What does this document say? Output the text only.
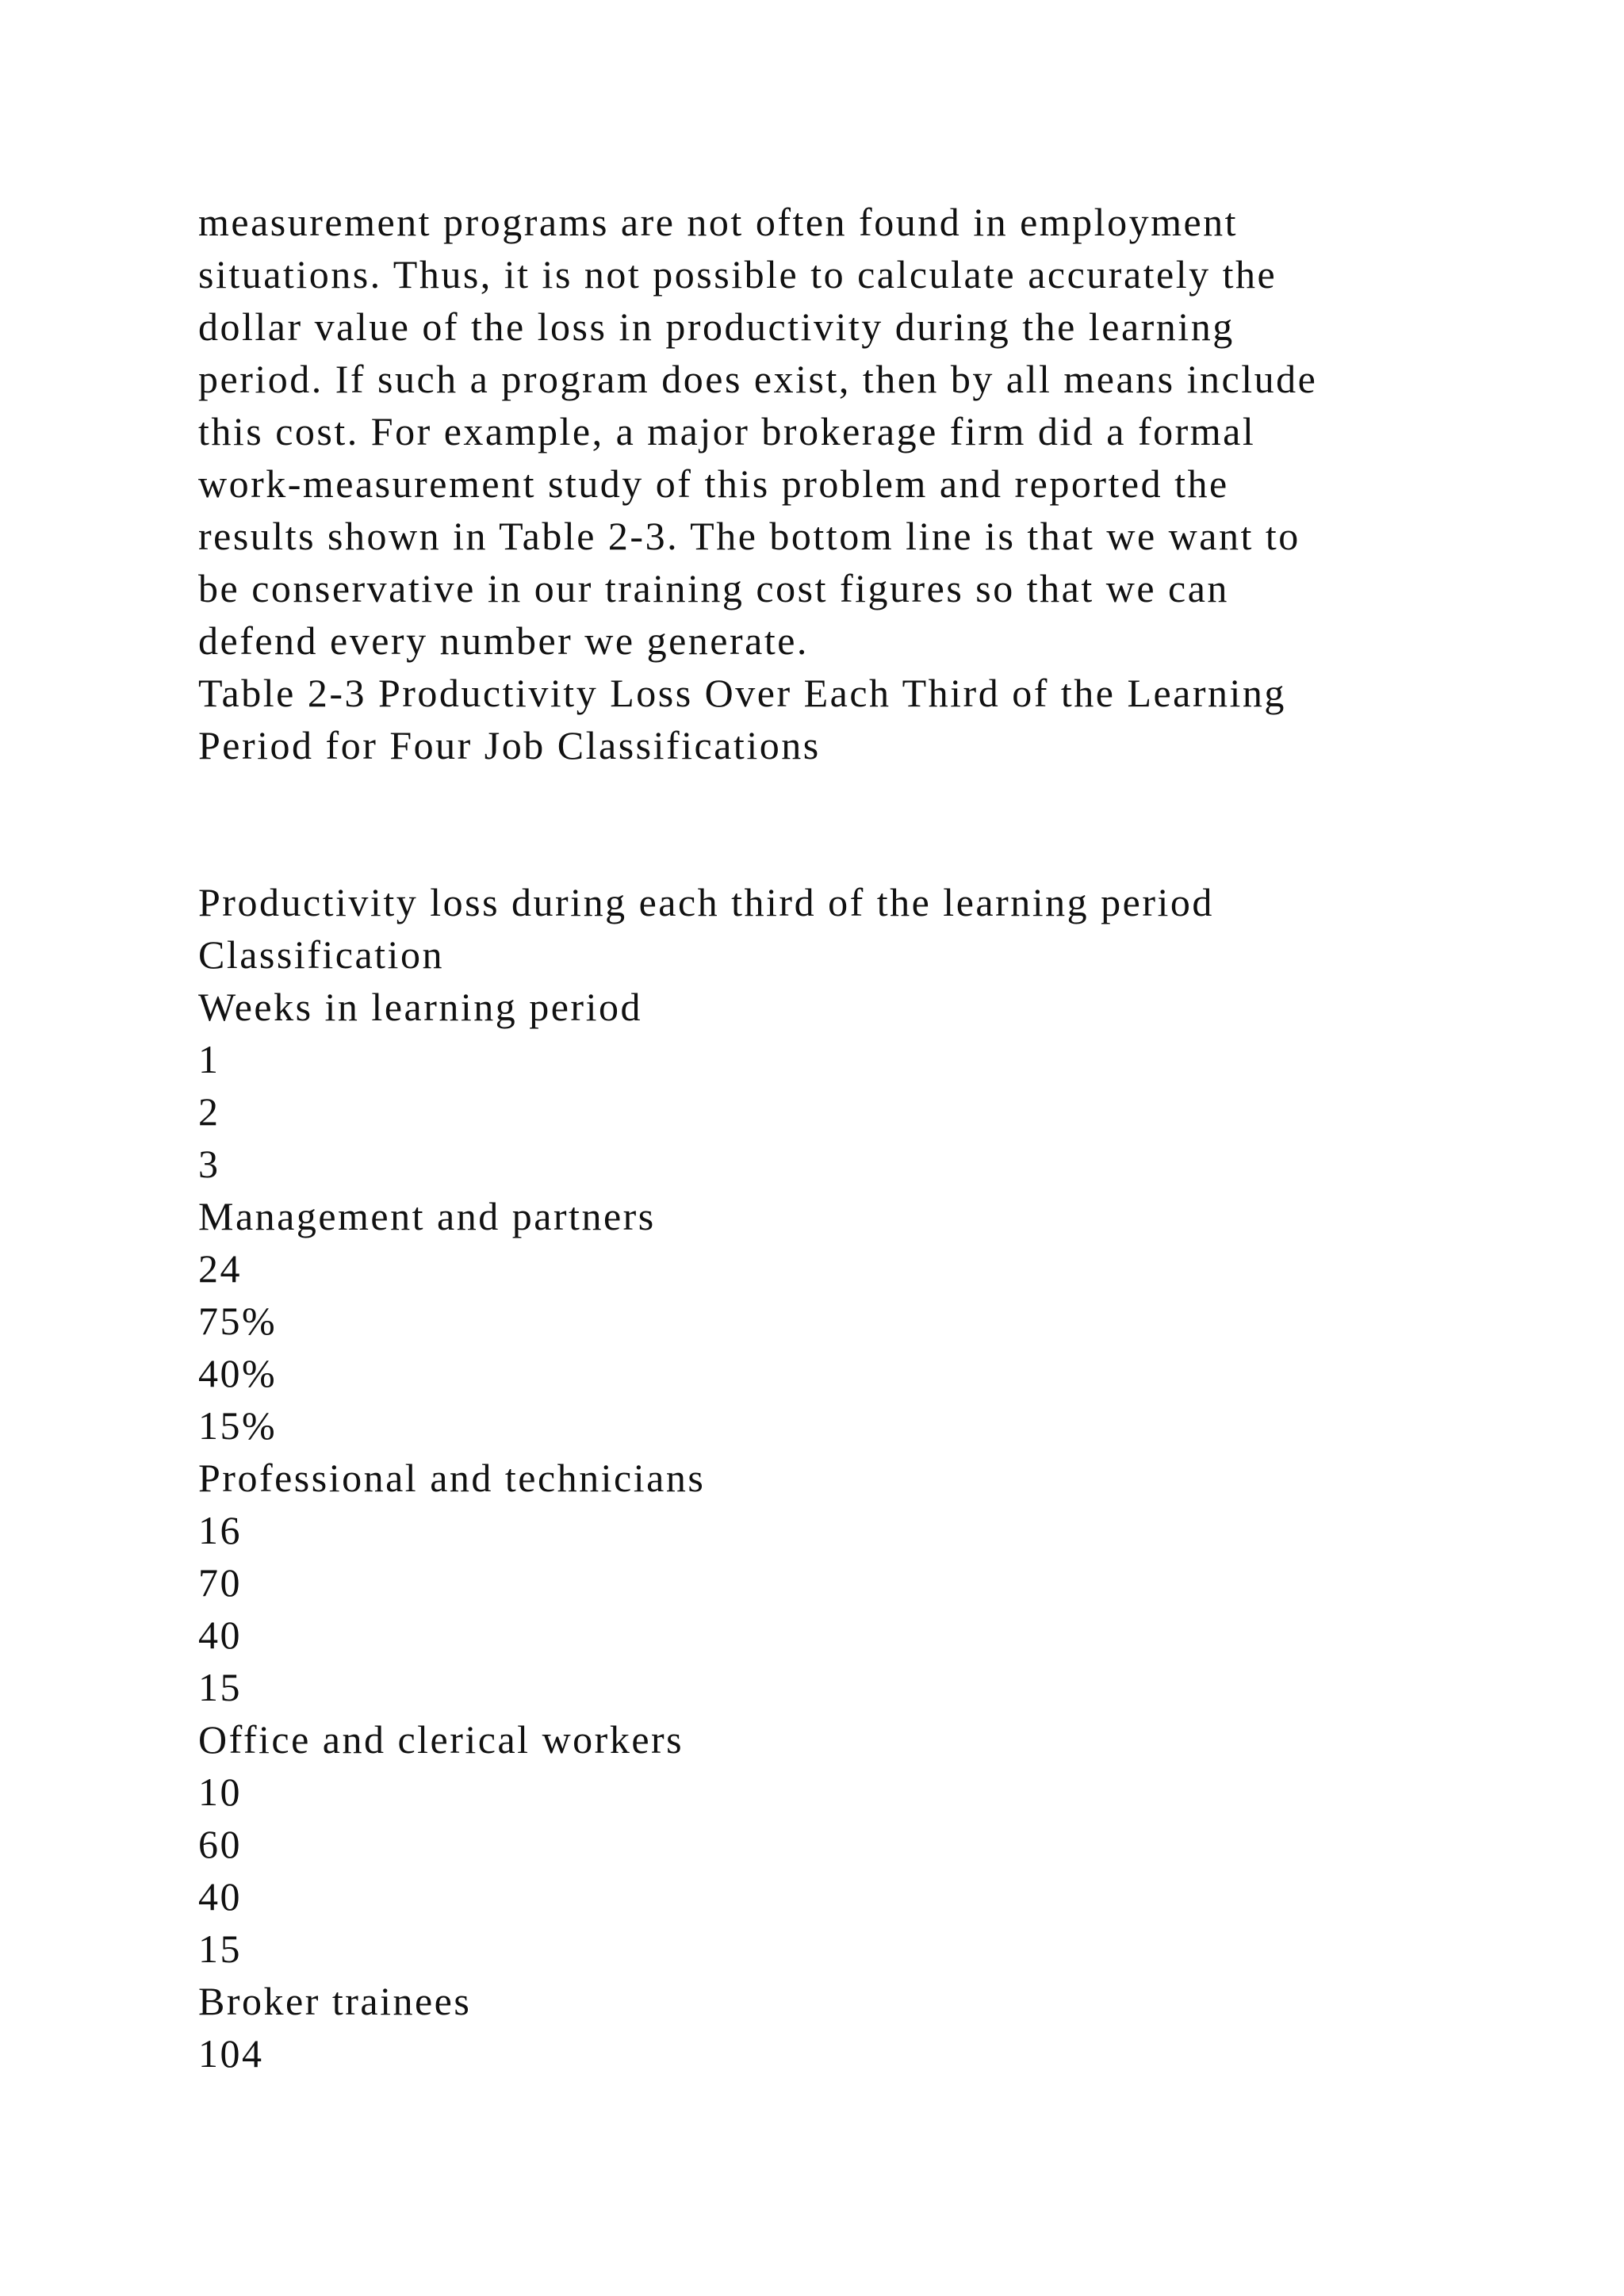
measurement programs are not often found in employment
situations. Thus, it is not possible to calculate accurately the
dollar value of the loss in productivity during the learning
period. If such a program does exist, then by all means include
this cost. For example, a major brokerage firm did a formal
work-measurement study of this problem and reported the
results shown in Table 2-3. The bottom line is that we want to
be conservative in our training cost figures so that we can
defend every number we generate.
Table 2-3 Productivity Loss Over Each Third of the Learning
Period for Four Job Classifications
Productivity loss during each third of the learning period
Classification
Weeks in learning period
1
2
3
Management and partners
24
75%
40%
15%
Professional and technicians
16
70
40
15
Office and clerical workers
10
60
40
15
Broker trainees
104
